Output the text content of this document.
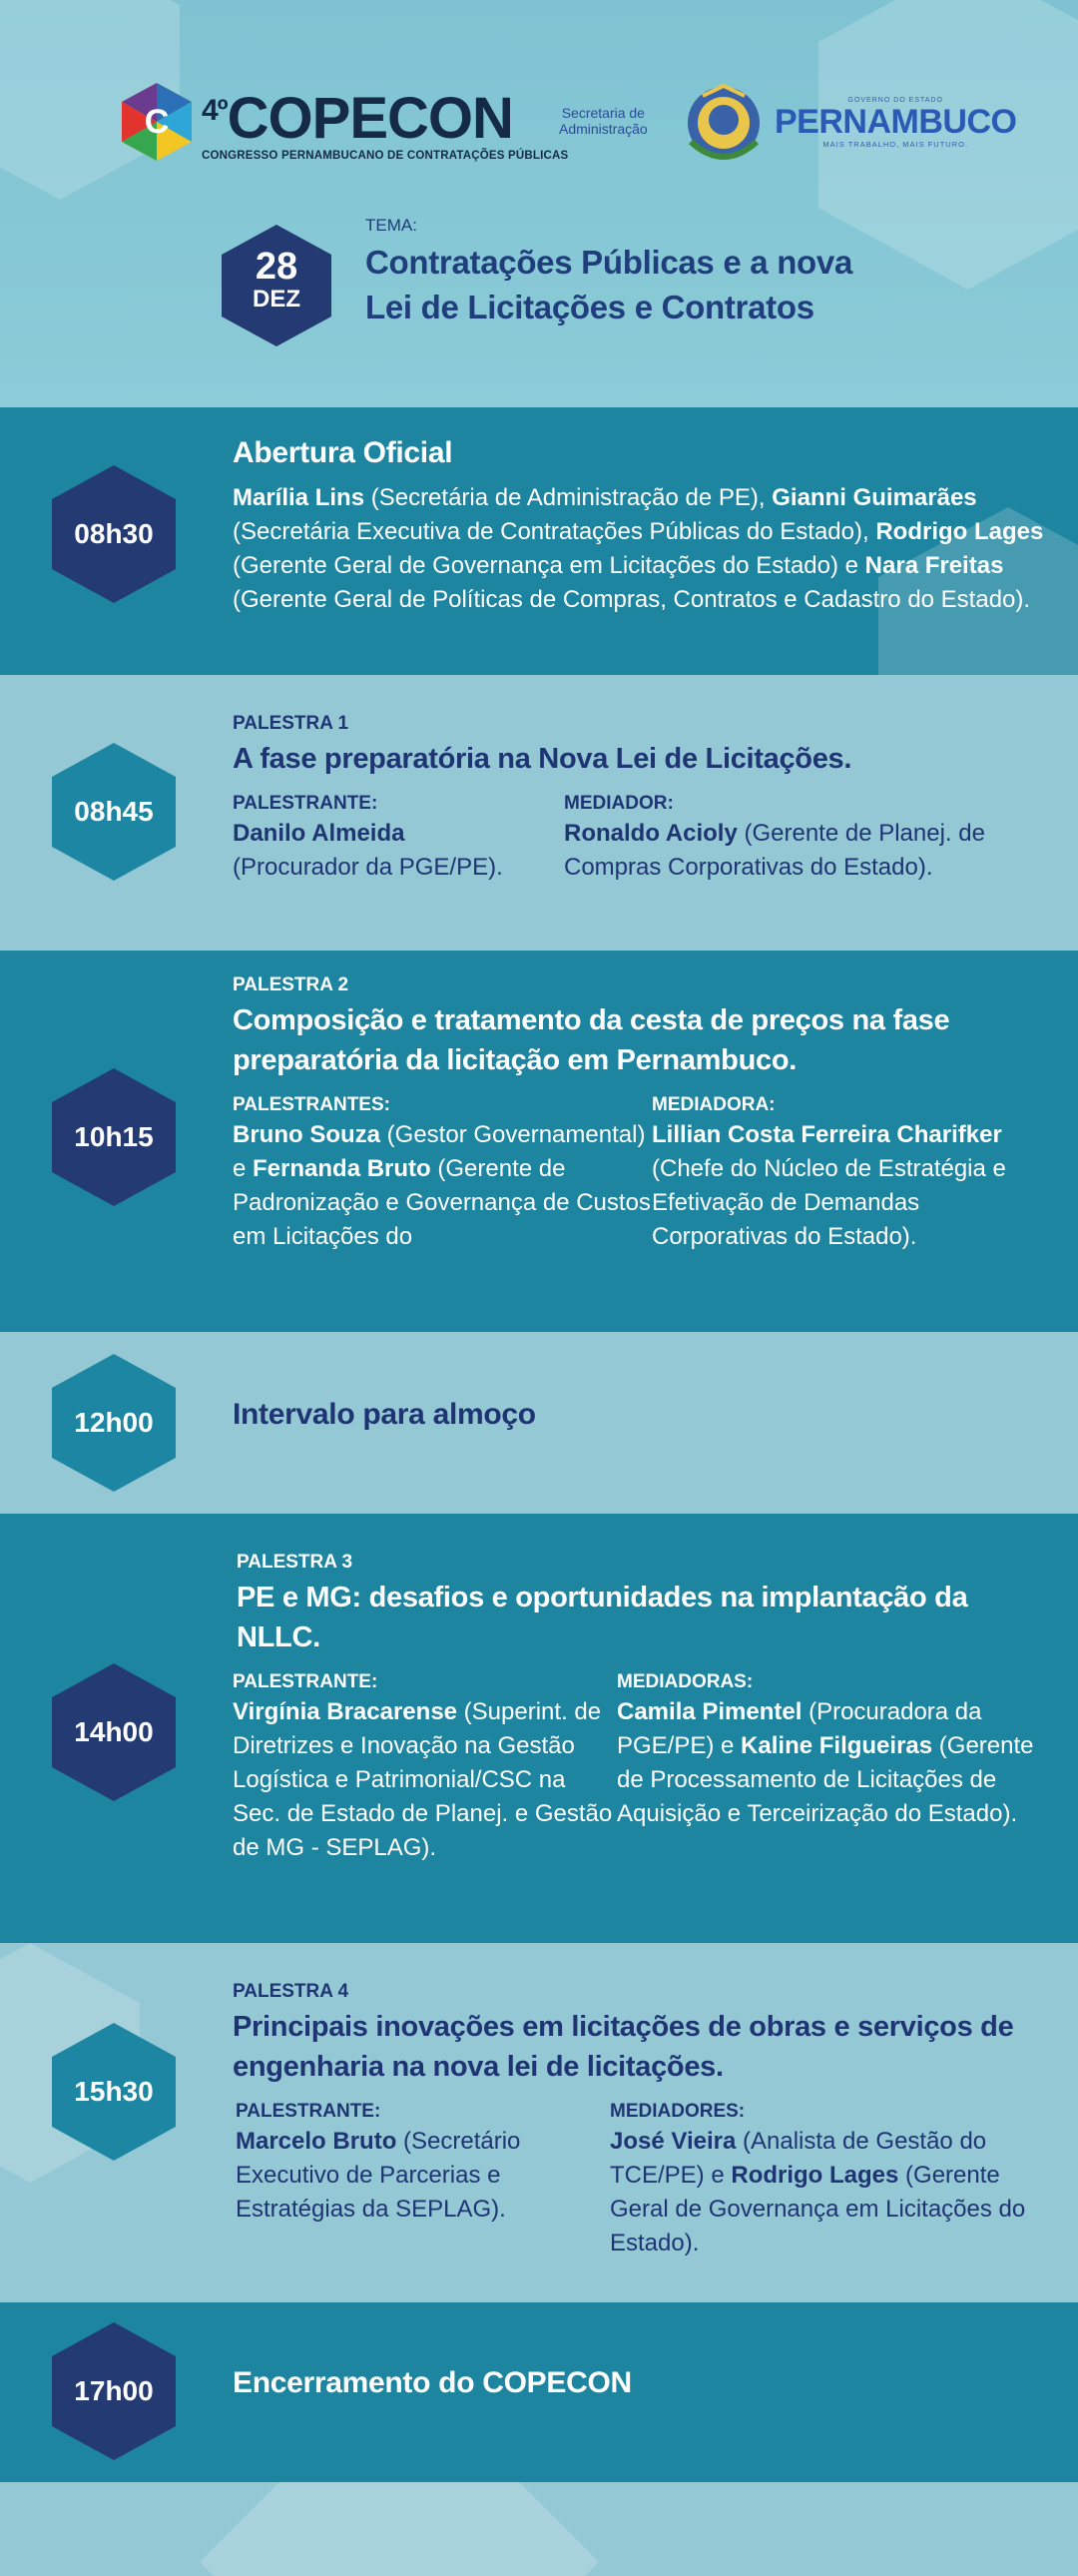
C $^{4º}$COPECON
CONGRESSO PERNAMBUCANO DE CONTRATAÇÕES PÚBLICAS
Secretaria de
Administração
GOVERNO DO ESTADO
PERNAMBUCO
MAIS TRABALHO, MAIS FUTURO.
28
DEZ
TEMA:
Contratações Públicas e a nova
Lei de Licitações e Contratos
08h30
Abertura Oficial
Marília Lins (Secretária de Administração de PE), Gianni Guimarães (Secretária Executiva de Contratações Públicas do Estado), Rodrigo Lages (Gerente Geral de Governança em Licitações do Estado) e Nara Freitas (Gerente Geral de Políticas de Compras, Contratos e Cadastro do Estado).
08h45
PALESTRA 1
A fase preparatória na Nova Lei de Licitações.
PALESTRANTE:
Danilo Almeida
(Procurador da PGE/PE).
MEDIADOR:
Ronaldo Acioly (Gerente de Planej. de Compras Corporativas do Estado).
10h15
PALESTRA 2
Composição e tratamento da cesta de preços na fase preparatória da licitação em Pernambuco.
PALESTRANTES:
Bruno Souza (Gestor Governamental) e Fernanda Bruto (Gerente de Padronização e Governança de Custos em Licitações do
MEDIADORA:
Lillian Costa Ferreira Charifker (Chefe do Núcleo de Estratégia e Efetivação de Demandas Corporativas do Estado).
12h00	Intervalo para almoço
14h00
PALESTRA 3
PE e MG: desafios e oportunidades na implantação da NLLC.
PALESTRANTE:
Virgínia Bracarense (Superint. de Diretrizes e Inovação na Gestão Logística e Patrimonial/CSC na Sec. de Estado de Planej. e Gestão de MG - SEPLAG).
MEDIADORAS:
Camila Pimentel (Procuradora da PGE/PE) e Kaline Filgueiras (Gerente de Processamento de Licitações de Aquisição e Terceirização do Estado).
15h30
PALESTRA 4
Principais inovações em licitações de obras e serviços de engenharia na nova lei de licitações.
PALESTRANTE:
Marcelo Bruto (Secretário Executivo de Parcerias e Estratégias da SEPLAG).
MEDIADORES:
José Vieira (Analista de Gestão do TCE/PE) e Rodrigo Lages (Gerente Geral de Governança em Licitações do Estado).
17h00	Encerramento do COPECON
